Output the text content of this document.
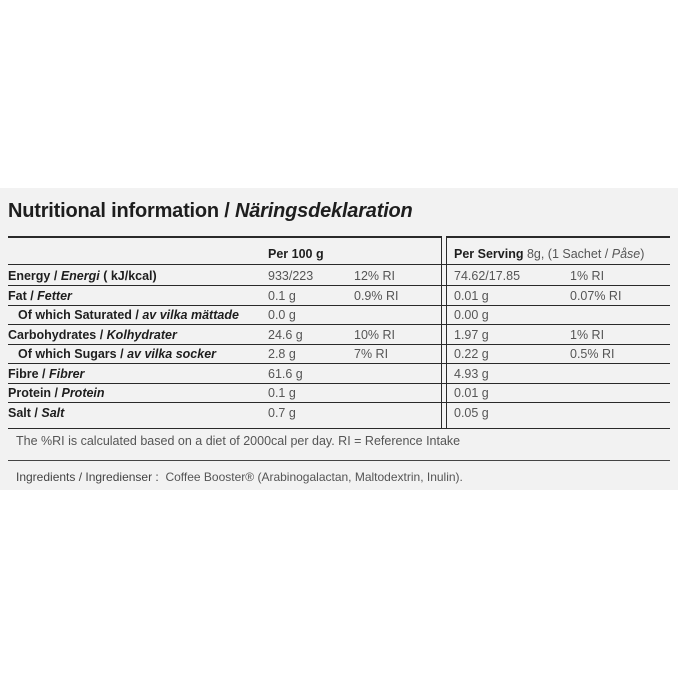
Nutritional information / Näringsdeklaration
Per 100 g	Per Serving 8g, (1 Sachet / Påse)
Energy / Energi ( kJ/kcal)	933/223	12% RI	74.62/17.85	1% RI
Fat / Fetter	0.1 g	0.9% RI	0.01 g	0.07% RI
Of which Saturated / av vilka mättade 0.0 g	0.00 g
Carbohydrates / Kolhydrater	24.6 g	10% RI	1.97 g	1% RI
Of which Sugars / av vilka socker	2.8 g	7% RI	0.22 g	0.5% RI
Fibre / Fibrer	61.6 g	4.93 g
Protein / Protein	0.1 g	0.01 g
Salt / Salt	0.7 g	0.05 g
The %RI is calculated based on a diet of 2000cal per day. RI = Reference Intake
Ingredients / Ingredienser : Coffee Booster® (Arabinogalactan, Maltodextrin, Inulin).
